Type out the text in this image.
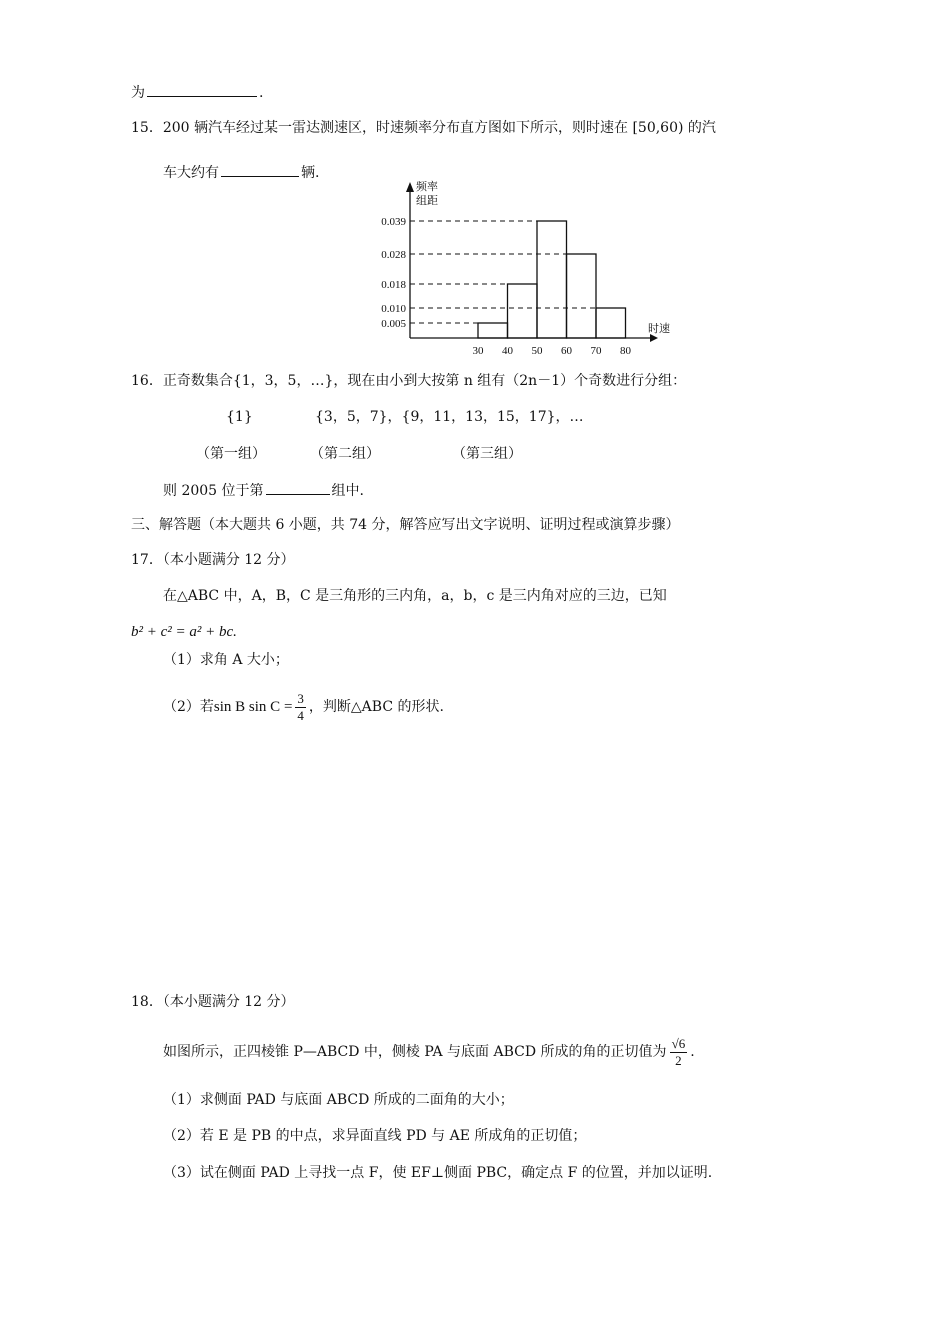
为	.
15．200 辆汽车经过某一雷达测速区，时速频率分布直方图如下所示，则时速在 [50,60) 的汽
车大约有	辆.
频率
组距
时速
0.039
0.028
0.018
0.010
0.005
30 40 50 60 70 80
16．正奇数集合{1，3，5，…}，现在由小到大按第 n 组有（2n－1）个奇数进行分组：
{1}	{3，5，7}，{9，11，13，15，17}，…
（第一组）	（第二组）	（第三组）
则 2005 位于第	组中.
三、解答题（本大题共 6 小题，共 74 分，解答应写出文字说明、证明过程或演算步骤）
17．（本小题满分 12 分）
在△ABC 中，A，B，C 是三角形的三内角，a，b，c 是三内角对应的三边，已知
b² + c² = a² + bc.
（1）求角 A 大小；
（2）若sin B $\sin C = \frac{3}{4}$ ，判断△ABC 的形状.
18．（本小题满分 12 分）
如图所示，正四棱锥 P—ABCD 中，侧棱 PA 与底面 ABCD 所成的角的正切值为 $\frac{√6}{2}$ .
（1）求侧面 PAD 与底面 ABCD 所成的二面角的大小；
（2）若 E 是 PB 的中点，求异面直线 PD 与 AE 所成角的正切值；
（3）试在侧面 PAD 上寻找一点 F，使 EF⊥侧面 PBC，确定点 F 的位置，并加以证明.
